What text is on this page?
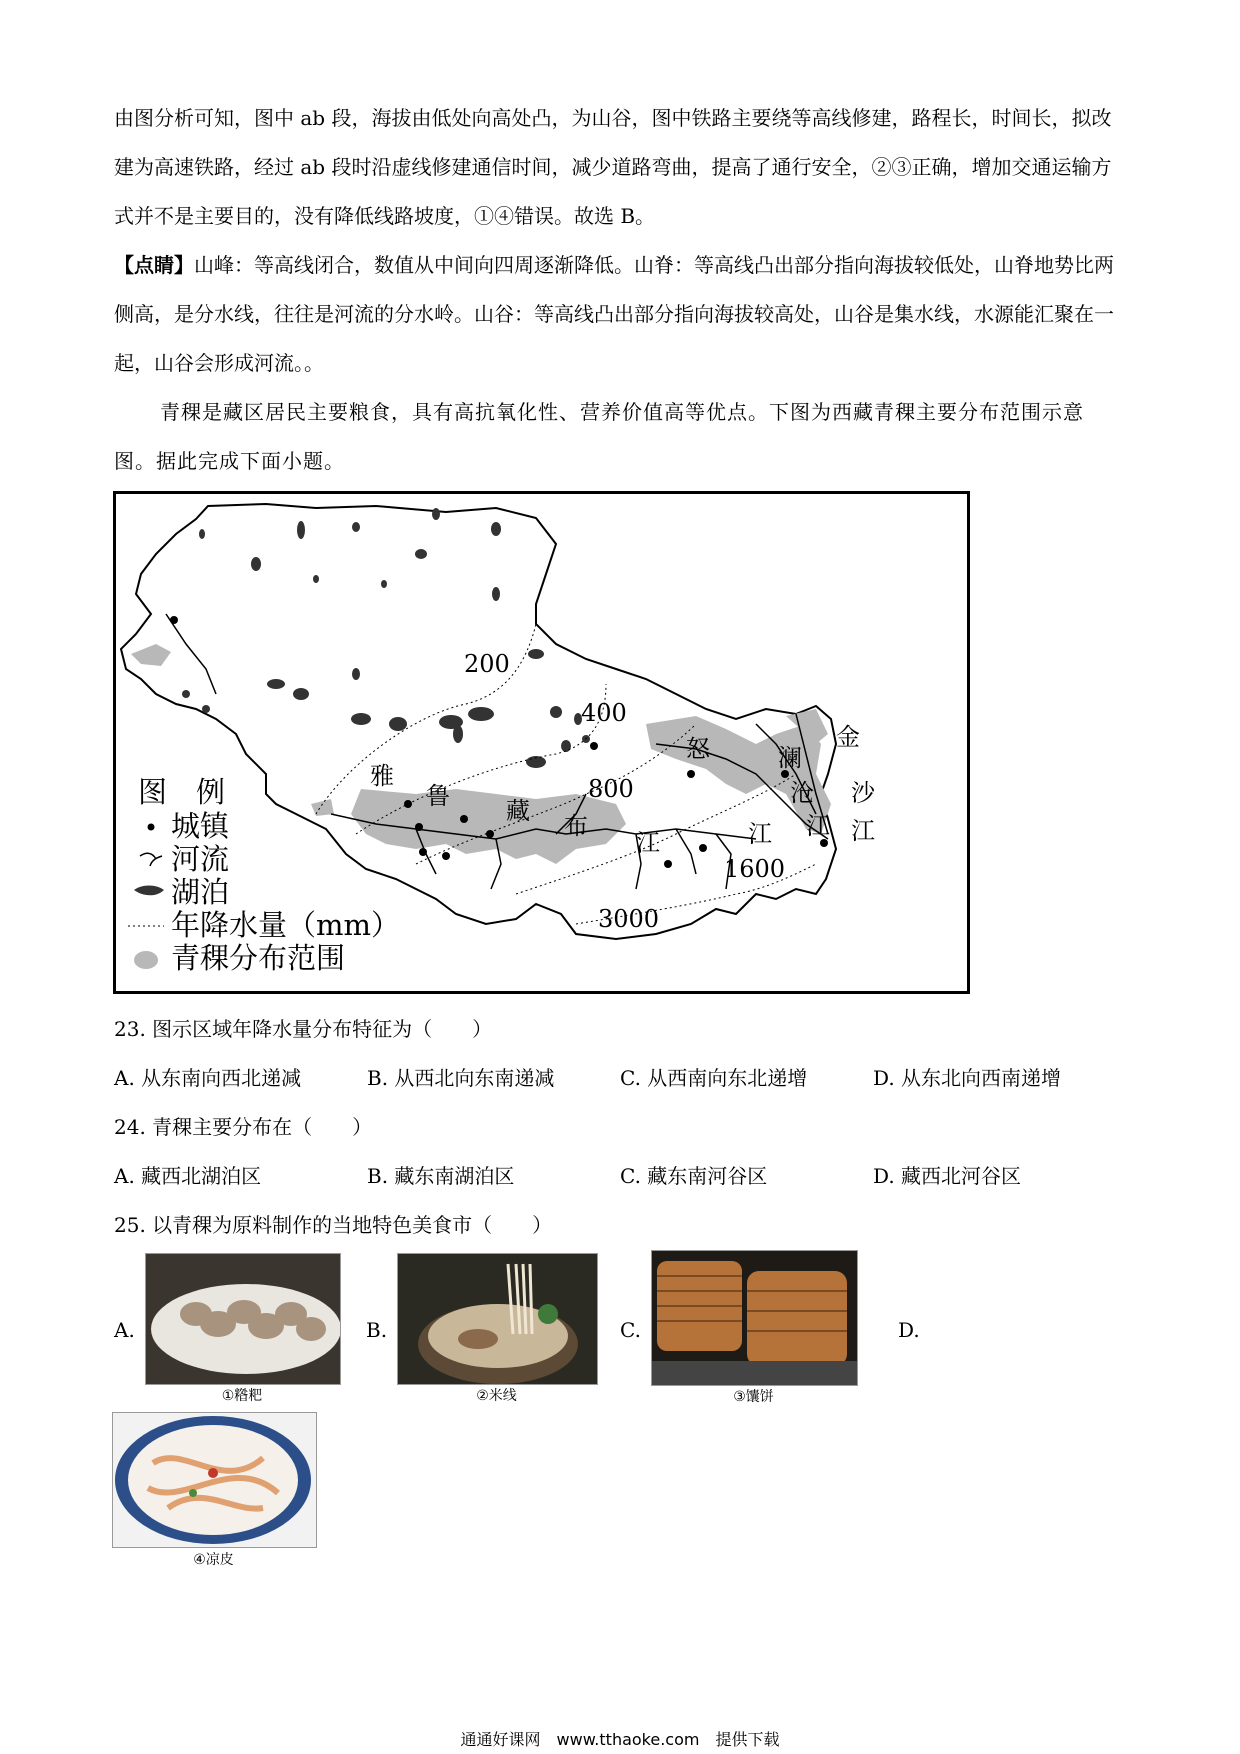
由图分析可知，图中 ab 段，海拔由低处向高处凸，为山谷，图中铁路主要绕等高线修建，路程长，时间长，拟改建为高速铁路，经过 ab 段时沿虚线修建通信时间，减少道路弯曲，提高了通行安全，②③正确，增加交通运输方式并不是主要目的，没有降低线路坡度，①④错误。故选 B。
【点睛】山峰：等高线闭合，数值从中间向四周逐渐降低。山脊：等高线凸出部分指向海拔较低处，山脊地势比两侧高，是分水线，往往是河流的分水岭。山谷：等高线凸出部分指向海拔较高处，山谷是集水线，水源能汇聚在一起，山谷会形成河流。。
青稞是藏区居民主要粮食，具有高抗氧化性、营养价值高等优点。下图为西藏青稞主要分布范围示意图。据此完成下面小题。
200
400
800
1600
3000
雅
鲁
藏
布
江
怒	澜
沧
江
金
沙
江
江
图　例
城镇
河流
湖泊
年降水量（mm）
青稞分布范围
23. 图示区域年降水量分布特征为（　　）
A. 从东南向西北递减	B. 从西北向东南递减	C. 从西南向东北递增	D. 从东北向西南递增
24. 青稞主要分布在（　　）
A. 藏西北湖泊区	B. 藏东南湖泊区	C. 藏东南河谷区	D. 藏西北河谷区
25. 以青稞为原料制作的当地特色美食市（　　）
A.
①糌粑
B.
②米线
C.
③馕饼
D.
④凉皮
通通好课网　www.tthaoke.com　提供下载
